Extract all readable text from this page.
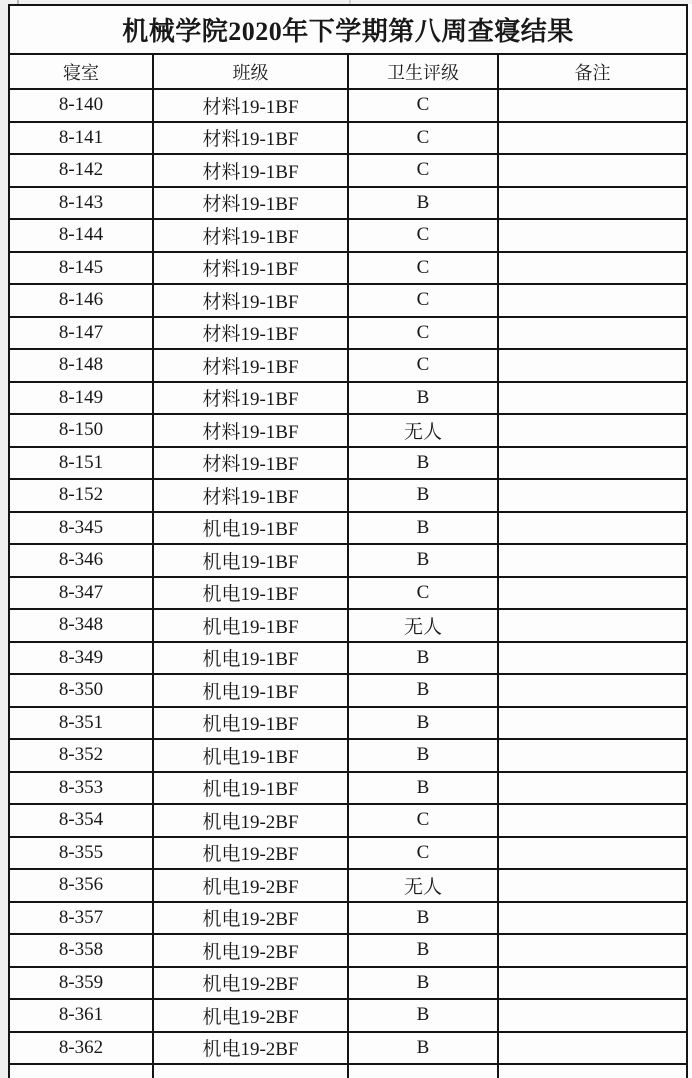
机械学院2020年下学期第八周查寝结果			
寝室	班级	卫生评级	备注
8-140	材料19-1BF	C	
8-141	材料19-1BF	C	
8-142	材料19-1BF	C	
8-143	材料19-1BF	B	
8-144	材料19-1BF	C	
8-145	材料19-1BF	C	
8-146	材料19-1BF	C	
8-147	材料19-1BF	C	
8-148	材料19-1BF	C	
8-149	材料19-1BF	B	
8-150	材料19-1BF	无人	
8-151	材料19-1BF	B	
8-152	材料19-1BF	B	
8-345	机电19-1BF	B	
8-346	机电19-1BF	B	
8-347	机电19-1BF	C	
8-348	机电19-1BF	无人	
8-349	机电19-1BF	B	
8-350	机电19-1BF	B	
8-351	机电19-1BF	B	
8-352	机电19-1BF	B	
8-353	机电19-1BF	B	
8-354	机电19-2BF	C	
8-355	机电19-2BF	C	
8-356	机电19-2BF	无人	
8-357	机电19-2BF	B	
8-358	机电19-2BF	B	
8-359	机电19-2BF	B	
8-361	机电19-2BF	B	
8-362	机电19-2BF	B	
